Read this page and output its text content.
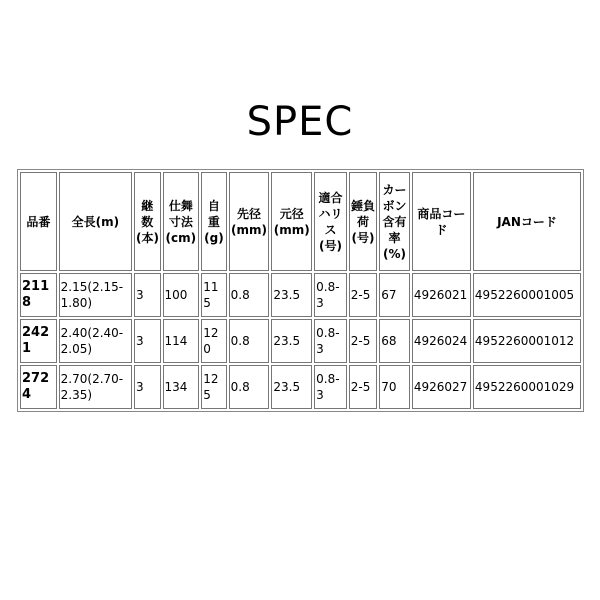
SPEC
品番	全長(m)	継数(本)	仕舞寸法(cm)	自重(g)	先径(mm)	元径(mm)	適合ハリス(号)	錘負荷(号)	カーボン含有率(%)	商品コード	JANコード
2118	2.15(2.15-1.80)	3	100	115	0.8	23.5	0.8-3	2-5	67	4926021	4952260001005
2421	2.40(2.40-2.05)	3	114	120	0.8	23.5	0.8-3	2-5	68	4926024	4952260001012
2724	2.70(2.70-2.35)	3	134	125	0.8	23.5	0.8-3	2-5	70	4926027	4952260001029
